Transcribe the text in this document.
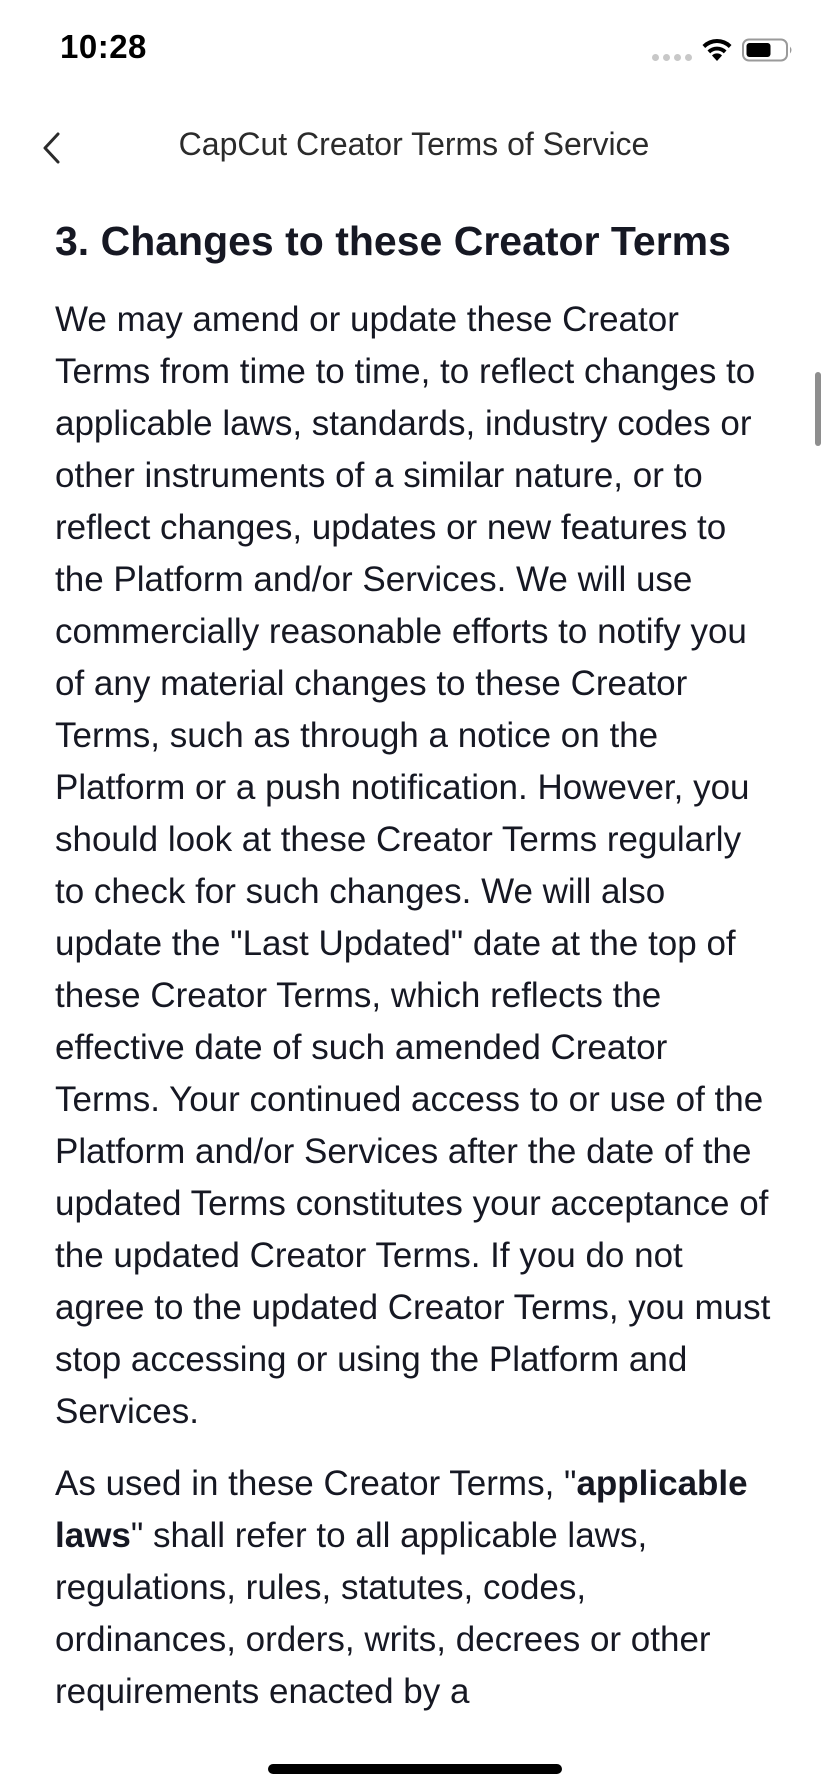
10:28
CapCut Creator Terms of Service
3. Changes to these Creator Terms

We may amend or update these Creator Terms from time to time, to reflect changes to applicable laws, standards, industry codes or other instruments of a similar nature, or to reflect changes, updates or new features to the Platform and/or Services. We will use commercially reasonable efforts to notify you of any material changes to these Creator Terms, such as through a notice on the Platform or a push notification. However, you should look at these Creator Terms regularly to check for such changes. We will also update the "Last Updated" date at the top of these Creator Terms, which reflects the effective date of such amended Creator Terms. Your continued access to or use of the Platform and/or Services after the date of the updated Terms constitutes your acceptance of the updated Creator Terms. If you do not agree to the updated Creator Terms, you must stop accessing or using the Platform and Services.

As used in these Creator Terms, "applicable laws" shall refer to all applicable laws, regulations, rules, statutes, codes, ordinances, orders, writs, decrees or other requirements enacted by a
